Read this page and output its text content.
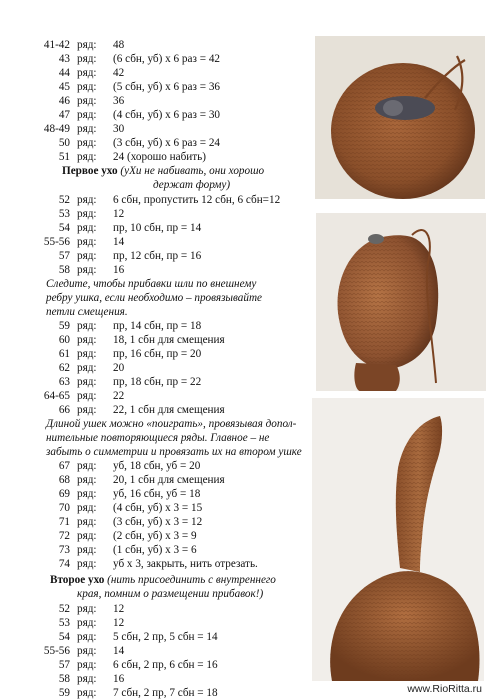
41-42 ряд: 48
43 ряд: (6 сбн, уб) х 6 раз = 42
44 ряд: 42
45 ряд: (5 сбн, уб) х 6 раз = 36
46 ряд: 36
47 ряд: (4 сбн, уб) х 6 раз = 30
48-49 ряд: 30
50 ряд: (3 сбн, уб) х 6 раз = 24
51 ряд: 24 (хорошо набить)
Первое ухо (уХи не набивать, они хорошо
держат форму)
52 ряд: 6 сбн, пропустить 12 сбн, 6 сбн=12
53 ряд: 12
54 ряд: пр, 10 сбн, пр = 14
55-56 ряд: 14
57 ряд: пр, 12 сбн, пр = 16
58 ряд: 16
Следите, чтобы прибавки шли по внешнему
ребру ушка, если необходимо – провязывайте
петли смещения.
59 ряд: пр, 14 сбн, пр = 18
60 ряд: 18, 1 сбн для смещения
61 ряд: пр, 16 сбн, пр = 20
62 ряд: 20
63 ряд: пр, 18 сбн, пр = 22
64-65 ряд: 22
66 ряд: 22, 1 сбн для смещения
Длиной ушек можно «поиграть», провязывая допол-
нительные повторяющиеся ряды. Главное – не
забыть о симметрии и провязать их на втором ушке
67 ряд: уб, 18 сбн, уб = 20
68 ряд: 20, 1 сбн для смещения
69 ряд: уб, 16 сбн, уб = 18
70 ряд: (4 сбн, уб) х 3 = 15
71 ряд: (3 сбн, уб) х 3 = 12
72 ряд: (2 сбн, уб) х 3 = 9
73 ряд: (1 сбн, уб) х 3 = 6
74 ряд: уб х 3, закрыть, нить отрезать.
Второе ухо (нить присоединить с внутреннего
края, помним о размещении прибавок!)
52 ряд: 12
53 ряд: 12
54 ряд: 5 сбн, 2 пр, 5 сбн = 14
55-56 ряд: 14
57 ряд: 6 сбн, 2 пр, 6 сбн = 16
58 ряд: 16
59 ряд: 7 сбн, 2 пр, 7 сбн = 18	www.RioRitta.ru
